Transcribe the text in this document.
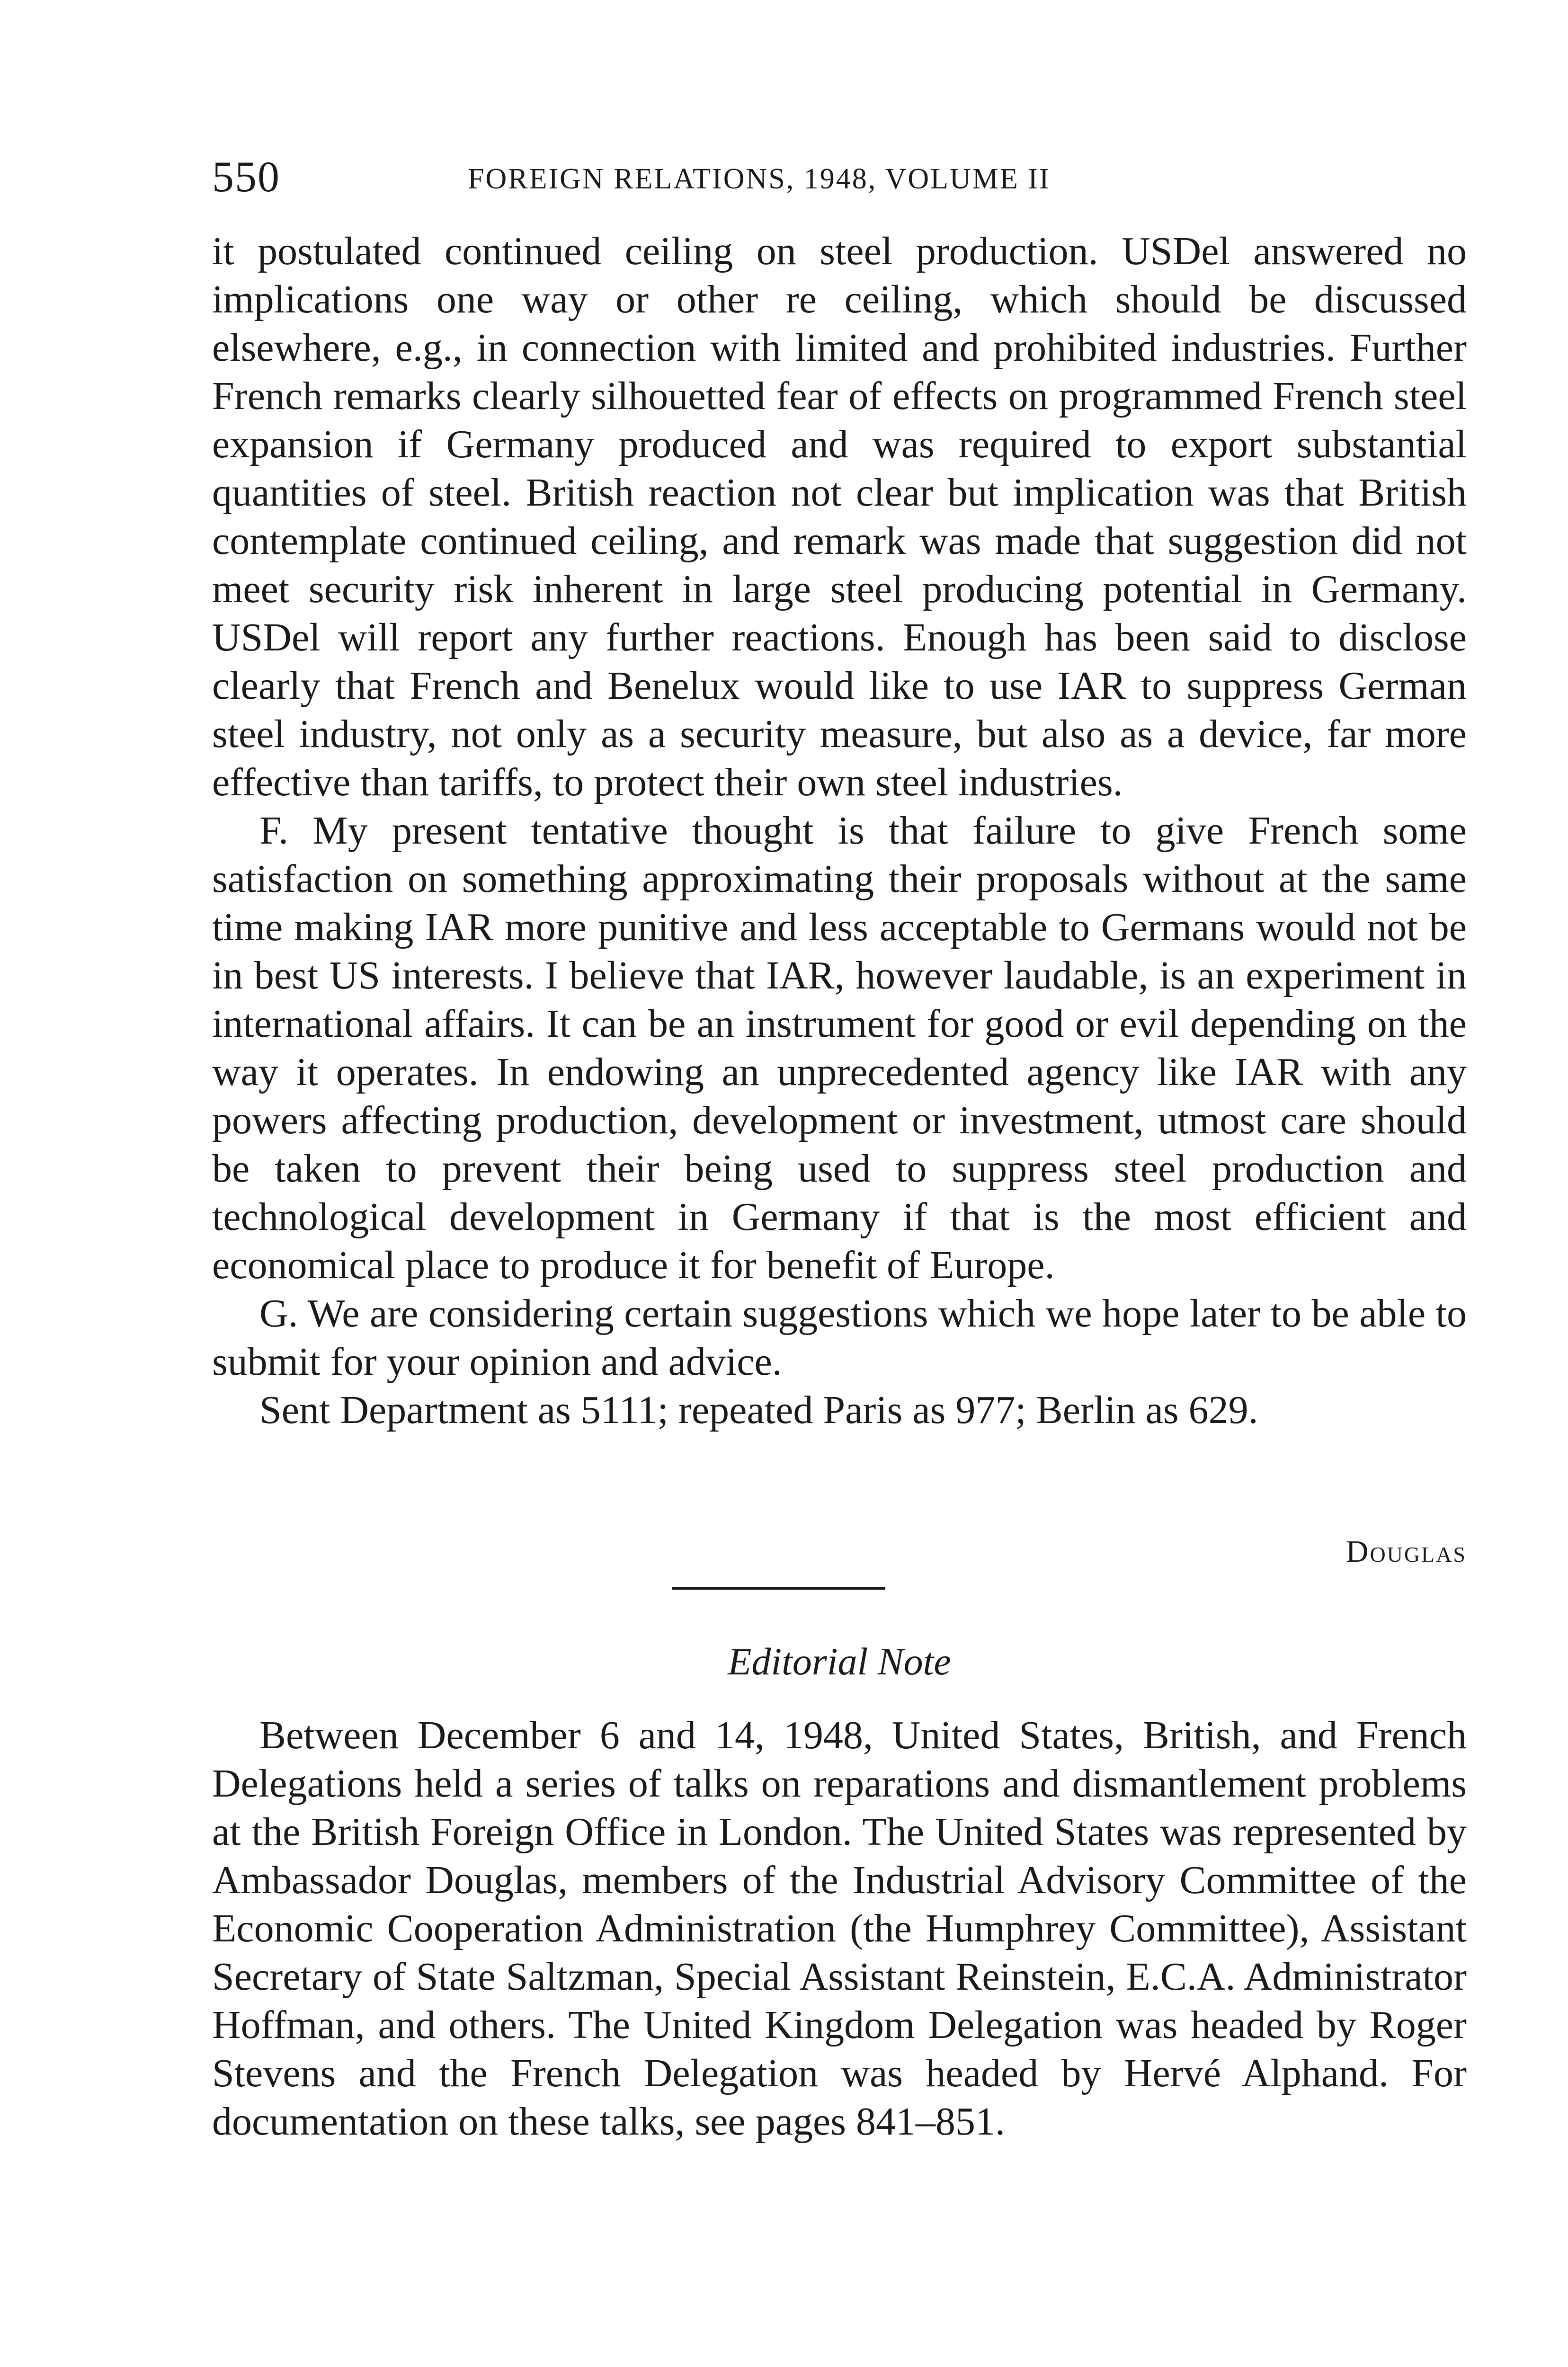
550	FOREIGN RELATIONS, 1948, VOLUME II

it postulated continued ceiling on steel production. USDel answered no implications one way or other re ceiling, which should be discussed elsewhere, e.g., in connection with limited and prohibited industries. Further French remarks clearly silhouetted fear of effects on programmed French steel expansion if Germany produced and was required to export substantial quantities of steel. British reaction not clear but implication was that British contemplate continued ceiling, and remark was made that suggestion did not meet security risk inherent in large steel producing potential in Germany. USDel will report any further reactions. Enough has been said to disclose clearly that French and Benelux would like to use IAR to suppress German steel industry, not only as a security measure, but also as a device, far more effective than tariffs, to protect their own steel industries.

F. My present tentative thought is that failure to give French some satisfaction on something approximating their proposals without at the same time making IAR more punitive and less acceptable to Germans would not be in best US interests. I believe that IAR, however laudable, is an experiment in international affairs. It can be an instrument for good or evil depending on the way it operates. In endowing an unprecedented agency like IAR with any powers affecting production, development or investment, utmost care should be taken to prevent their being used to suppress steel production and technological development in Germany if that is the most efficient and economical place to produce it for benefit of Europe.

G. We are considering certain suggestions which we hope later to be able to submit for your opinion and advice.

Sent Department as 5111; repeated Paris as 977; Berlin as 629.

Douglas
Editorial Note

Between December 6 and 14, 1948, United States, British, and French Delegations held a series of talks on reparations and dismantlement problems at the British Foreign Office in London. The United States was represented by Ambassador Douglas, members of the Industrial Advisory Committee of the Economic Cooperation Administration (the Humphrey Committee), Assistant Secretary of State Saltzman, Special Assistant Reinstein, E.C.A. Administrator Hoffman, and others. The United Kingdom Delegation was headed by Roger Stevens and the French Delegation was headed by Hervé Alphand. For documentation on these talks, see pages 841–851.
